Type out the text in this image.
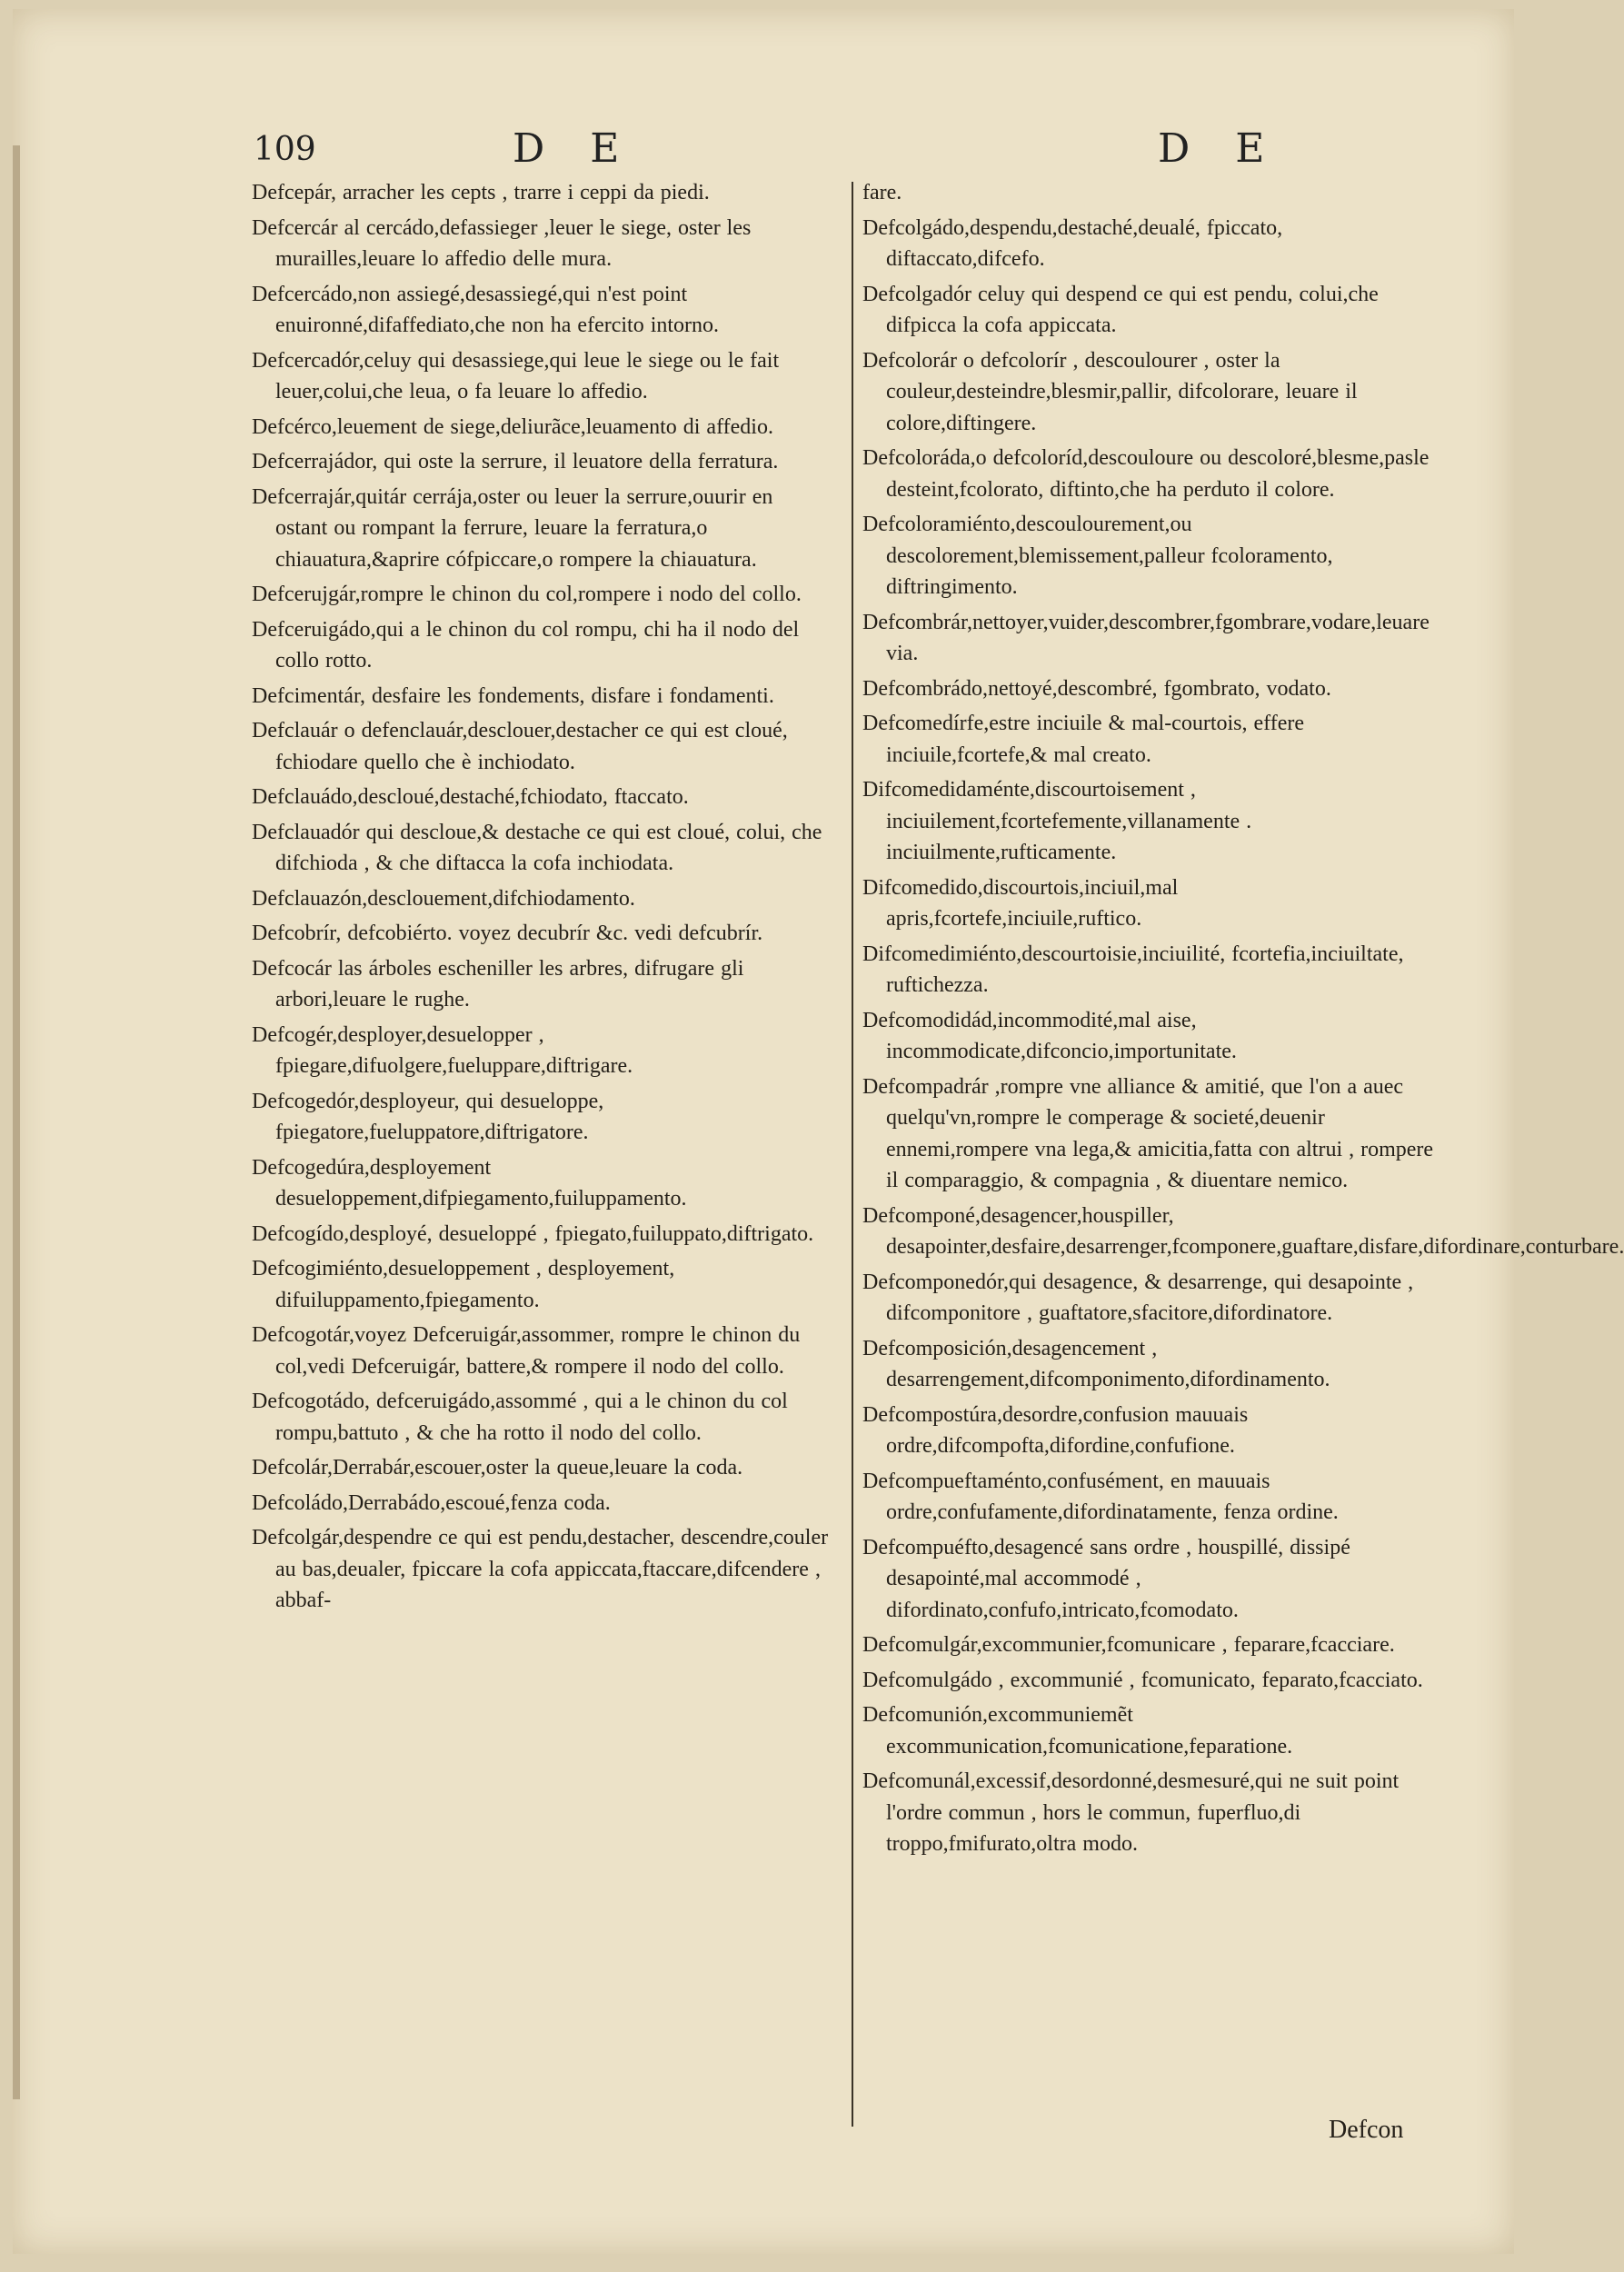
109	D E	D E

Defcepár, arracher les cepts , trarre i ceppi da piedi.

Defcercár al cercádo,defassieger ,leuer le siege, oster les murailles,leuare lo affedio delle mura.

Defcercádo,non assiegé,desassiegé,qui n'est point enuironné,difaffediato,che non ha efercito intorno.

Defcercadór,celuy qui desassiege,qui leue le siege ou le fait leuer,colui,che leua, o fa leuare lo affedio.

Defcérco,leuement de siege,deliurãce,leuamento di affedio.

Defcerrajádor, qui oste la serrure, il leuatore della ferratura.

Defcerrajár,quitár cerrája,oster ou leuer la serrure,ouurir en ostant ou rompant la ferrure, leuare la ferratura,o chiauatura,&aprire cófpiccare,o rompere la chiauatura.

Defcerujgár,rompre le chinon du col,rompere i nodo del collo.

Defceruigádo,qui a le chinon du col rompu, chi ha il nodo del collo rotto.

Defcimentár, desfaire les fondements, disfare i fondamenti.

Defclauár o defenclauár,desclouer,destacher ce qui est cloué, fchiodare quello che è inchiodato.

Defclauádo,descloué,destaché,fchiodato, ftaccato.

Defclauadór qui descloue,& destache ce qui est cloué, colui, che difchioda , & che diftacca la cofa inchiodata.

Defclauazón,desclouement,difchiodamento.

Defcobrír, defcobiérto. voyez decubrír &c. vedi defcubrír.

Defcocár las árboles escheniller les arbres, difrugare gli arbori,leuare le rughe.

Defcogér,desployer,desuelopper , fpiegare,difuolgere,fuelupparе,diftrigare.

Defcogedór,desployeur, qui desueloppe, fpiegatore,fueluppatore,diftrigatore.

Defcogedúra,desployement desueloppement,difpiegamento,fuiluppamento.

Defcogído,desployé, desueloppé , fpiegato,fuiluppato,diftrigato.

Defcogimiénto,desueloppement , desployement, difuiluppamento,fpiegamento.

Defcogotár,voyez Defceruigár,assommer, rompre le chinon du col,vedi Defceruigár, battere,& rompere il nodo del collo.

Defcogotádo, defceruigádo,assommé , qui a le chinon du col rompu,battuto , & che ha rotto il nodo del collo.

Defcolár,Derrabár,escouer,oster la queue,leuare la coda.

Defcoládo,Derrabádo,escoué,fenza coda.

Defcolgár,despendre ce qui est pendu,destacher, descendre,couler au bas,deualer, fpiccare la cofa appiccata,ftaccare,difcendere , abbaf-

fare.

Defcolgádo,despendu,destaché,deualé, fpiccato, diftaccato,difcefo.

Defcolgadór celuy qui despend ce qui est pendu, colui,che difpicca la cofa appiccata.

Defcolorár o defcolorír , descoulourer , oster la couleur,desteindre,blesmir,pallir, difcolorare, leuare il colore,diftingere.

Defcoloráda,o defcoloríd,descouloure ou descoloré,blesme,pasle desteint,fcolorato, diftinto,che ha perduto il colore.

Defcoloramiénto,descoulourement,ou descolorement,blemissement,palleur fcoloramento, diftringimento.

Defcombrár,nettoyer,vuider,descombrer,fgombrare,vodare,leuare via.

Defcombrádo,nettoyé,descombré, fgombrato, vodato.

Defcomedírfe,estre inciuile & mal-courtois, effere inciuile,fcortefe,& mal creato.

Difcomedidaménte,discourtoisement , inciuilement,fcortefemente,villanamente . inciuilmente,rufticamente.

Difcomedido,discourtois,inciuil,mal apris,fcortefe,inciuile,ruftico.

Difcomedimiénto,descourtoisie,inciuilité, fcortefia,inciuiltate, ruftichezza.

Defcomodidád,incommodité,mal aise, incommodicate,difconcio,importunitate.

Defcompadrár ,rompre vne alliance & amitié, que l'on a auec quelqu'vn,rompre le comperage & societé,deuenir ennemi,rompere vna lega,& amicitia,fatta con altrui , rompere il comparaggio, & compagnia , & diuentare nemico.

Defcomponé,desagencer,houspiller, desapointer,desfaire,desarrenger,fcomponere,guaftare,disfare,difordinare,conturbare.

Defcomponedór,qui desagence, & desarrenge, qui desapointe , difcomponitore , guaftatore,sfacitore,difordinatore.

Defcomposición,desagencement , desarrengement,difcomponimento,difordinamento.

Defcompostúra,desordre,confusion mauuais ordre,difcompofta,difordine,confufione.

Defcompueftaménto,confusément, en mauuais ordre,confufamente,difordinatamente, fenza ordine.

Defcompuéfto,desagencé sans ordre , houspillé, dissipé desapointé,mal accommodé , difordinato,confufo,intricato,fcomodato.

Defcomulgár,excommunier,fcomunicare , feparare,fcacciare.

Defcomulgádo , excommunié , fcomunicato, feparato,fcacciato.

Defcomunión,excommuniemẽt excommunication,fcomunicatione,feparatione.

Defcomunál,excessif,desordonné,desmesuré,qui ne suit point l'ordre commun , hors le commun, fuperfluo,di troppo,fmifurato,oltra modo.

Defcon
